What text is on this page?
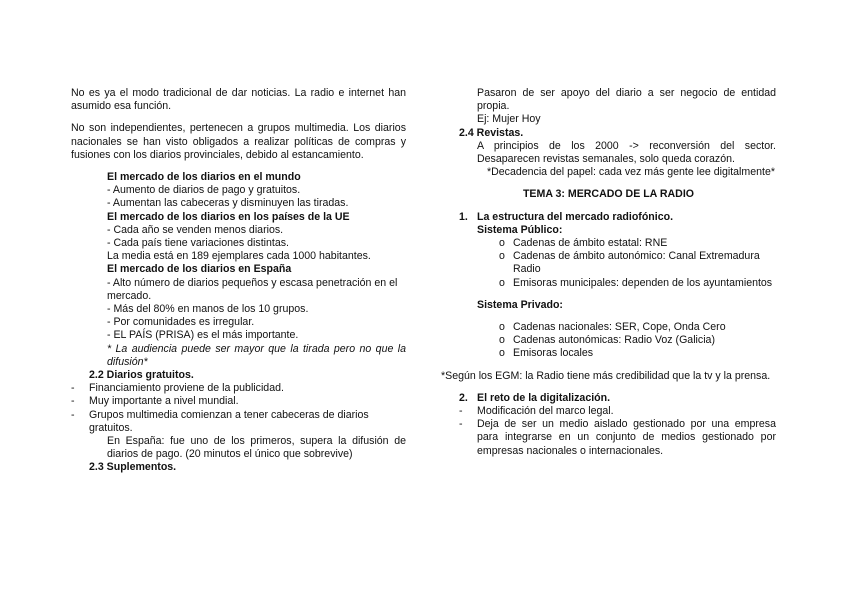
No es ya el modo tradicional de dar noticias. La radio e internet han asumido esa función.

No son independientes, pertenecen a grupos multimedia. Los diarios nacionales se han visto obligados a realizar políticas de compras y fusiones con los diarios provinciales, debido al estancamiento.

El mercado de los diarios en el mundo
- Aumento de diarios de pago y gratuitos.
- Aumentan las cabeceras y disminuyen las tiradas.
El mercado de los diarios en los países de la UE
- Cada año se venden menos diarios.
- Cada país tiene variaciones distintas.
La media está en 189 ejemplares cada 1000 habitantes.
El mercado de los diarios en España
- Alto número de diarios pequeños y escasa penetración en el mercado.
- Más del 80% en manos de los 10 grupos.
- Por comunidades es irregular.
- EL PAÍS (PRISA) es el más importante.
* La audiencia puede ser mayor que la tirada pero no que la difusión*
2.2 Diarios gratuitos.
-	Financiamiento proviene de la publicidad.
-	Muy importante a nivel mundial.
-	Grupos multimedia comienzan a tener cabeceras de diarios gratuitos.
En España: fue uno de los primeros, supera la difusión de diarios de pago. (20 minutos el único que sobrevive)
2.3 Suplementos.
Pasaron de ser apoyo del diario a ser negocio de entidad propia.
Ej: Mujer Hoy
2.4 Revistas.
A principios de los 2000 -> reconversión del sector. Desaparecen revistas semanales, solo queda corazón.
*Decadencia del papel: cada vez más gente lee digitalmente*
TEMA 3: MERCADO DE LA RADIO
1. La estructura del mercado radiofónico.
Sistema Público:
o Cadenas de ámbito estatal: RNE
o Cadenas de ámbito autonómico: Canal Extremadura Radio
o Emisoras municipales: dependen de los ayuntamientos
Sistema Privado:
o Cadenas nacionales: SER, Cope, Onda Cero
o Cadenas autonómicas: Radio Voz (Galicia)
o Emisoras locales
*Según los EGM: la Radio tiene más credibilidad que la tv y la prensa.
2. El reto de la digitalización.
-	Modificación del marco legal.
-	Deja de ser un medio aislado gestionado por una empresa para integrarse en un conjunto de medios gestionado por empresas nacionales o internacionales.
